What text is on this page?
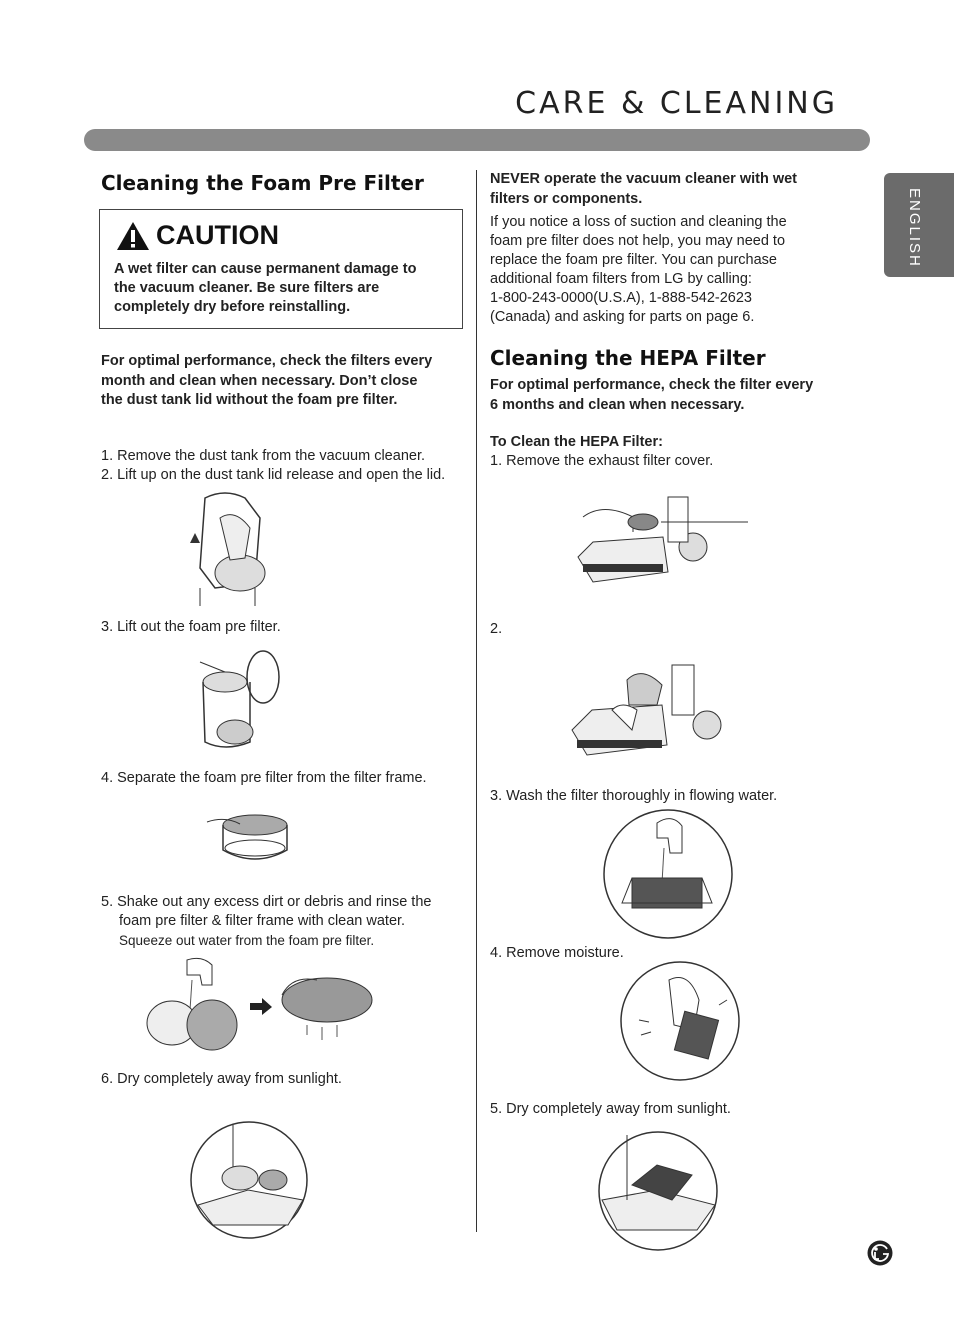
CARE & CLEANING
ENGLISH
Cleaning the Foam Pre Filter
CAUTION
A wet filter can cause permanent damage to
the vacuum cleaner. Be sure filters are
completely dry before reinstalling.
For optimal performance, check the filters every
month and clean when necessary. Don’t close
the dust tank lid without the foam pre filter.
1. Remove the dust tank from the vacuum cleaner.
2. Lift up on the dust tank lid release and open the lid.
3. Lift out the foam pre filter.
4. Separate the foam pre filter from the filter frame.
5. Shake out any excess dirt or debris and rinse the
foam pre filter & filter frame with clean water.
Squeeze out water from the foam pre filter.
6. Dry completely away from sunlight.
NEVER operate the vacuum cleaner with wet
filters or components.
If you notice a loss of suction and cleaning the
foam pre filter does not help, you may need to
replace the foam pre filter. You can purchase
additional foam filters from LG by calling:
1-800-243-0000(U.S.A), 1-888-542-2623
(Canada) and asking for parts on page 6.
Cleaning the HEPA Filter
For optimal performance, check the filter every
6 months and clean when necessary.
To Clean the HEPA Filter:
1. Remove the exhaust filter cover.
2.
3. Wash the filter thoroughly in flowing water.
4. Remove moisture.
5. Dry completely away from sunlight.
